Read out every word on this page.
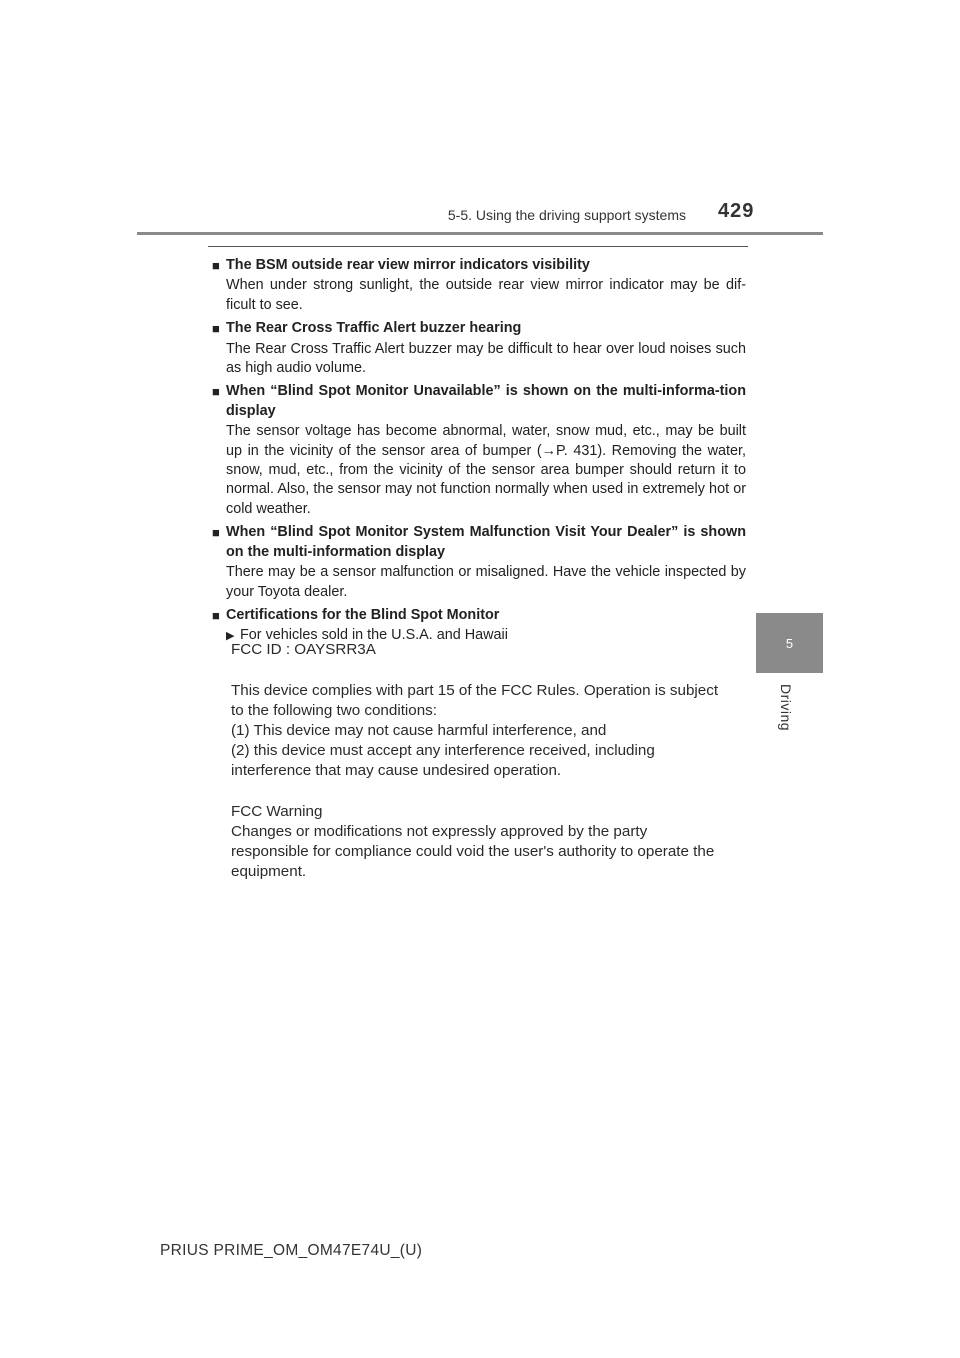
5-5. Using the driving support systems 429
5
Driving
■ The BSM outside rear view mirror indicators visibility
When under strong sunlight, the outside rear view mirror indicator may be dif-ficult to see.
■ The Rear Cross Traffic Alert buzzer hearing
The Rear Cross Traffic Alert buzzer may be difficult to hear over loud noises such as high audio volume.
■ When “Blind Spot Monitor Unavailable” is shown on the multi-informa-tion display
The sensor voltage has become abnormal, water, snow mud, etc., may be built up in the vicinity of the sensor area of bumper (→P. 431). Removing the water, snow, mud, etc., from the vicinity of the sensor area bumper should return it to normal. Also, the sensor may not function normally when used in extremely hot or cold weather.
■ When “Blind Spot Monitor System Malfunction Visit Your Dealer” is shown on the multi-information display
There may be a sensor malfunction or misaligned. Have the vehicle inspected by your Toyota dealer.
■ Certifications for the Blind Spot Monitor
▶ For vehicles sold in the U.S.A. and Hawaii

FCC ID : OAYSRR3A

This device complies with part 15 of the FCC Rules. Operation is subject

to the following two conditions:

(1) This device may not cause harmful interference, and

(2) this device must accept any interference received, including

interference that may cause undesired operation.

FCC Warning

Changes or modifications not expressly approved by the party

responsible for compliance could void the user's authority to operate the

equipment.

PRIUS PRIME_OM_OM47E74U_(U)
